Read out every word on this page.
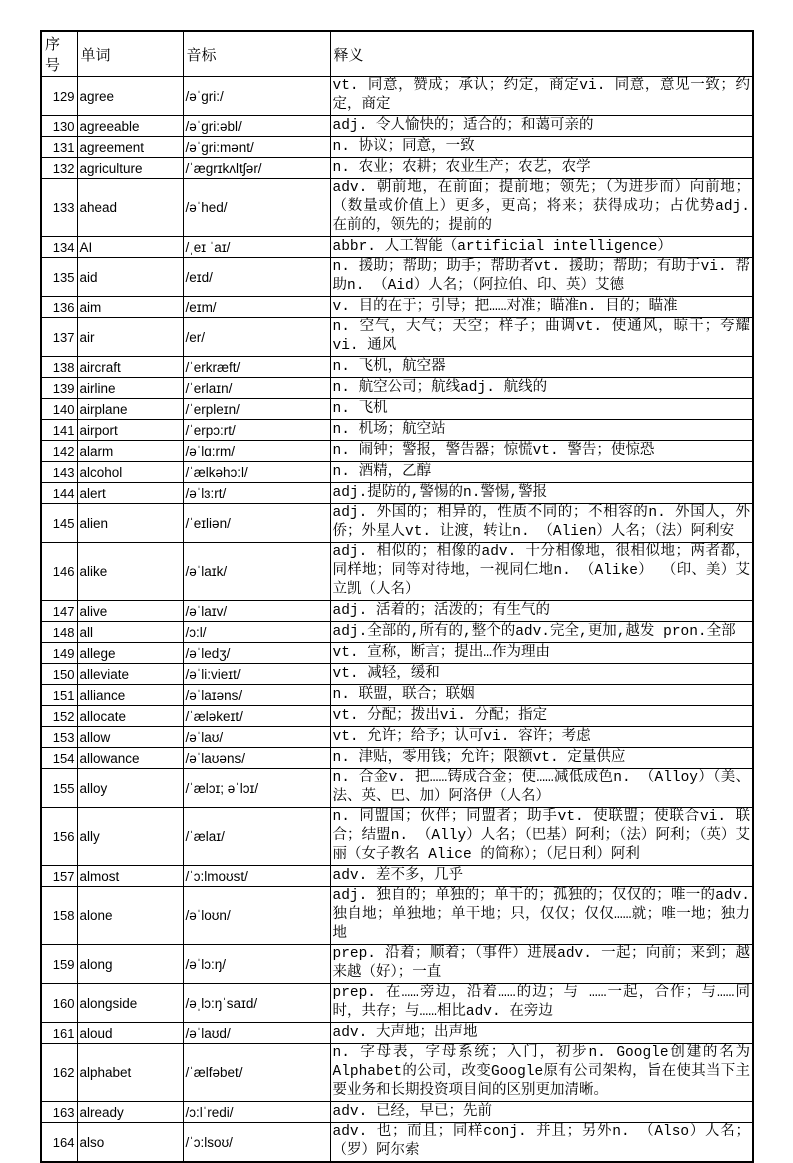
序号	单词	音标	释义
129	agree	/əˈgri:/	vt. 同意，赞成；承认；约定，商定vi. 同意，意见一致；约定，商定
130	agreeable	/əˈgri:əbl/	adj. 令人愉快的；适合的；和蔼可亲的
131	agreement	/əˈgri:mənt/	n. 协议；同意，一致
132	agriculture	/ˈægrɪkʌltʃər/	n. 农业；农耕；农业生产；农艺，农学
133	ahead	/əˈhed/	adv. 朝前地，在前面；提前地；领先；（为进步而）向前地；（数量或价值上）更多，更高；将来；获得成功；占优势adj. 在前的，领先的；提前的
134	AI	/ˌeɪ ˈaɪ/	abbr. 人工智能（artificial intelligence）
135	aid	/eɪd/	n. 援助；帮助；助手；帮助者vt. 援助；帮助；有助于vi. 帮助n. （Aid）人名；（阿拉伯、印、英）艾德
136	aim	/eɪm/	v. 目的在于；引导；把……对准；瞄准n. 目的；瞄准
137	air	/er/	n. 空气，大气；天空；样子；曲调vt. 使通风，晾干；夸耀vi. 通风
138	aircraft	/ˈerkræft/	n. 飞机，航空器
139	airline	/ˈerlaɪn/	n. 航空公司；航线adj. 航线的
140	airplane	/ˈerpleɪn/	n. 飞机
141	airport	/ˈerpɔ:rt/	n. 机场；航空站
142	alarm	/əˈlɑ:rm/	n. 闹钟；警报，警告器；惊慌vt. 警告；使惊恐
143	alcohol	/ˈælkəhɔ:l/	n. 酒精，乙醇
144	alert	/əˈlɜ:rt/	adj.提防的,警惕的n.警惕,警报
145	alien	/ˈeɪliən/	adj. 外国的；相异的，性质不同的；不相容的n. 外国人，外侨；外星人vt. 让渡，转让n. （Alien）人名；（法）阿利安
146	alike	/əˈlaɪk/	adj. 相似的；相像的adv. 十分相像地，很相似地；两者都，同样地；同等对待地，一视同仁地n. （Alike） （印、美）艾立凯（人名）
147	alive	/əˈlaɪv/	adj. 活着的；活泼的；有生气的
148	all	/ɔ:l/	adj.全部的,所有的,整个的adv.完全,更加,越发 pron.全部
149	allege	/əˈledʒ/	vt. 宣称，断言；提出…作为理由
150	alleviate	/əˈli:vieɪt/	vt. 减轻，缓和
151	alliance	/əˈlaɪəns/	n. 联盟，联合；联姻
152	allocate	/ˈæləkeɪt/	vt. 分配；拨出vi. 分配；指定
153	allow	/əˈlaʊ/	vt. 允许；给予；认可vi. 容许；考虑
154	allowance	/əˈlaʊəns/	n. 津贴，零用钱；允许；限额vt. 定量供应
155	alloy	/ˈælɔɪ; əˈlɔɪ/	n. 合金v. 把……铸成合金；使……减低成色n. （Alloy）（美、法、英、巴、加）阿洛伊（人名）
156	ally	/ˈælaɪ/	n. 同盟国；伙伴；同盟者；助手vt. 使联盟；使联合vi. 联合；结盟n. （Ally）人名；（巴基）阿利；（法）阿利；（英）艾丽（女子教名 Alice 的简称）；（尼日利）阿利
157	almost	/ˈɔ:lmoʊst/	adv. 差不多，几乎
158	alone	/əˈloʊn/	adj. 独自的；单独的；单干的；孤独的；仅仅的；唯一的adv. 独自地；单独地；单干地；只，仅仅；仅仅……就；唯一地；独力地
159	along	/əˈlɔ:ŋ/	prep. 沿着；顺着；（事件）进展adv. 一起；向前；来到；越来越（好）；一直
160	alongside	/əˌlɔ:ŋˈsaɪd/	prep. 在……旁边，沿着……的边；与 ……一起，合作；与……同时，共存；与……相比adv. 在旁边
161	aloud	/əˈlaʊd/	adv. 大声地；出声地
162	alphabet	/ˈælfəbet/	n. 字母表，字母系统；入门，初步n. Google创建的名为Alphabet的公司，改变Google原有公司架构，旨在使其当下主要业务和长期投资项目间的区别更加清晰。
163	already	/ɔ:lˈredi/	adv. 已经，早已；先前
164	also	/ˈɔ:lsoʊ/	adv. 也；而且；同样conj. 并且；另外n. （Also）人名；（罗）阿尔索
